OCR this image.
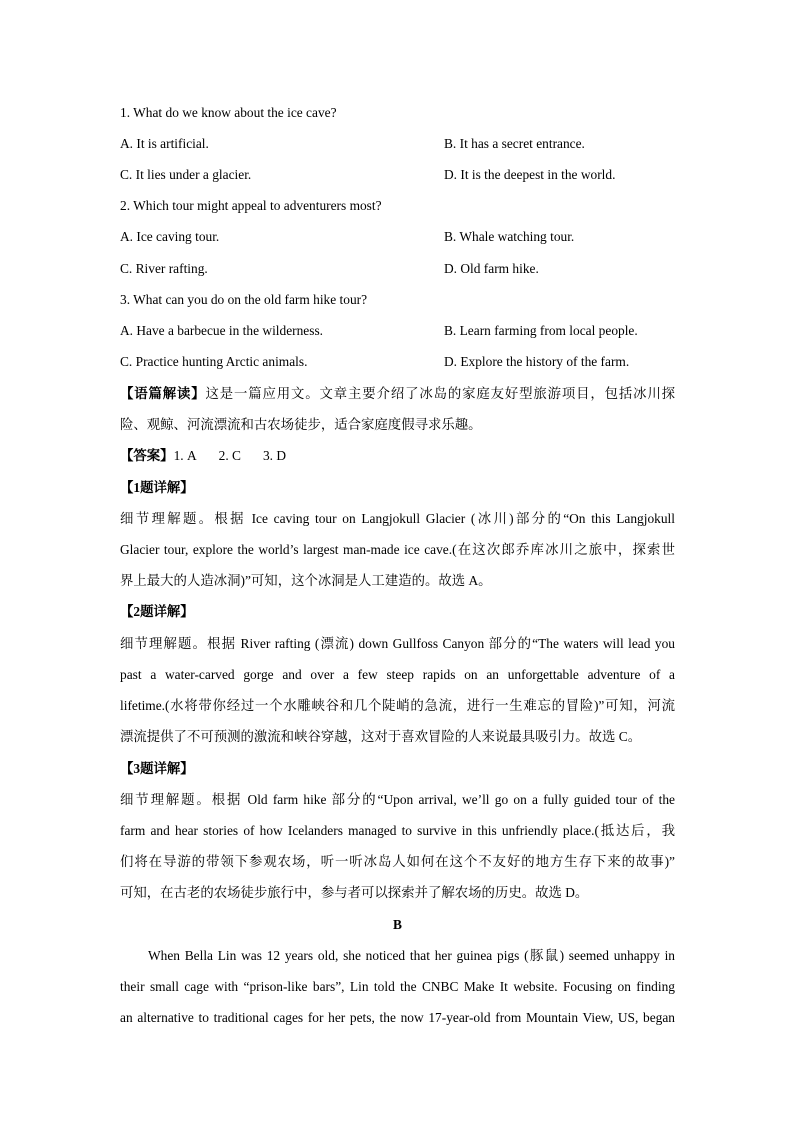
1. What do we know about the ice cave?
A. It is artificial.	B. It has a secret entrance.
C. It lies under a glacier.	D. It is the deepest in the world.
2. Which tour might appeal to adventurers most?
A. Ice caving tour.	B. Whale watching tour.
C. River rafting.	D. Old farm hike.
3. What can you do on the old farm hike tour?
A. Have a barbecue in the wilderness.	B. Learn farming from local people.
C. Practice hunting Arctic animals.	D. Explore the history of the farm.
【语篇解读】这是一篇应用文。文章主要介绍了冰岛的家庭友好型旅游项目，包括冰川探
险、观鲸、河流漂流和古农场徒步，适合家庭度假寻求乐趣。
【答案】1. A 2. C 3. D
【1题详解】
细节理解题。根据 Ice caving tour on Langjokull Glacier (冰川)部分的“On this Langjokull
Glacier tour, explore the world’s largest man-made ice cave.(在这次郎乔库冰川之旅中，探索世
界上最大的人造冰洞)”可知，这个冰洞是人工建造的。故选 A。
【2题详解】
细节理解题。根据 River rafting (漂流) down Gullfoss Canyon 部分的“The waters will lead you
past a water-carved gorge and over a few steep rapids on an unforgettable adventure of a
lifetime.(水将带你经过一个水雕峡谷和几个陡峭的急流，进行一生难忘的冒险)”可知，河流
漂流提供了不可预测的激流和峡谷穿越，这对于喜欢冒险的人来说最具吸引力。故选 C。
【3题详解】
细节理解题。根据 Old farm hike 部分的“Upon arrival, we’ll go on a fully guided tour of the
farm and hear stories of how Icelanders managed to survive in this unfriendly place.(抵达后，我
们将在导游的带领下参观农场，听一听冰岛人如何在这个不友好的地方生存下来的故事)”
可知，在古老的农场徒步旅行中，参与者可以探索并了解农场的历史。故选 D。
B
When Bella Lin was 12 years old, she noticed that her guinea pigs (豚鼠) seemed unhappy in
their small cage with “prison-like bars”, Lin told the CNBC Make It website. Focusing on finding
an alternative to traditional cages for her pets, the now 17-year-old from Mountain View, US, began
